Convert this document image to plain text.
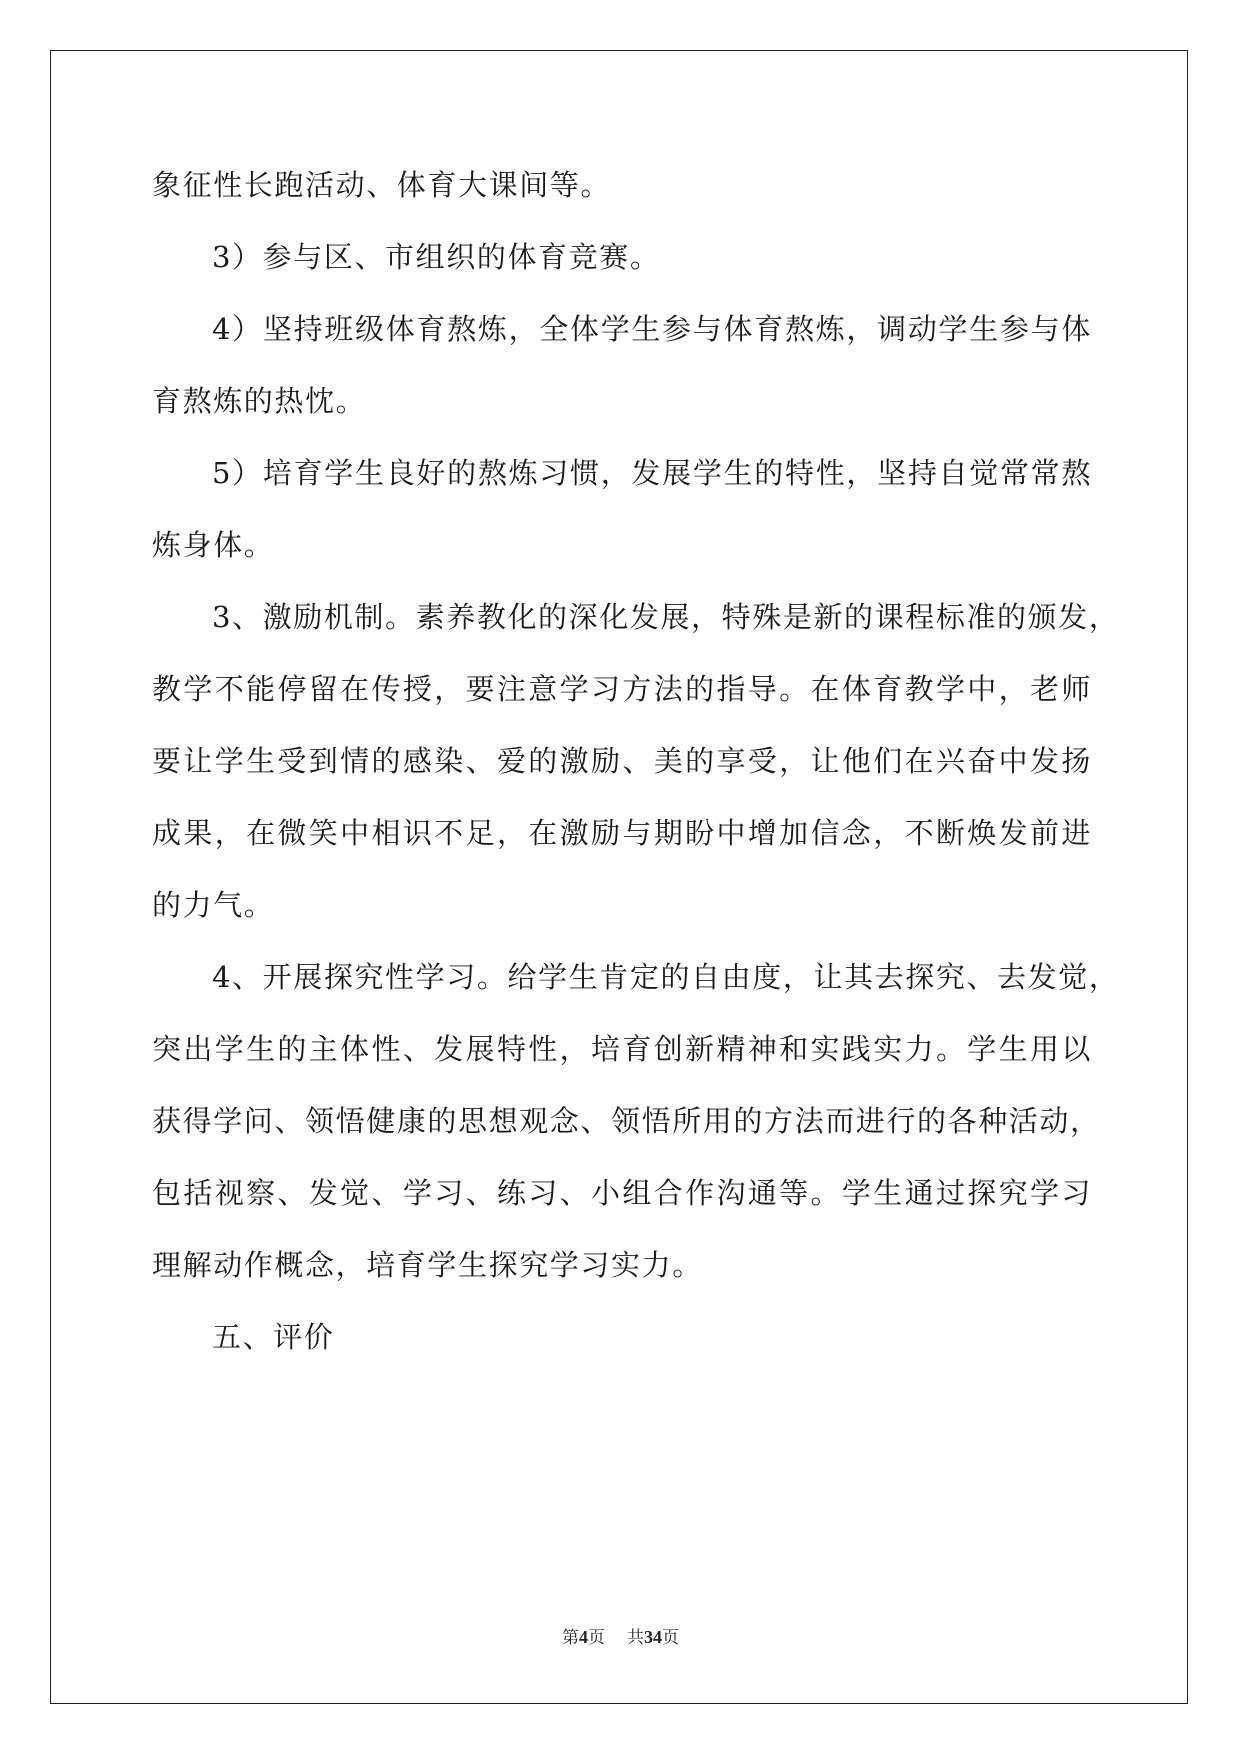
象征性长跑活动、体育大课间等。
3）参与区、市组织的体育竞赛。
4）坚持班级体育熬炼，全体学生参与体育熬炼，调动学生参与体
育熬炼的热忱。
5）培育学生良好的熬炼习惯，发展学生的特性，坚持自觉常常熬
炼身体。
3、激励机制。素养教化的深化发展，特殊是新的课程标准的颁发，
教学不能停留在传授，要注意学习方法的指导。在体育教学中，老师
要让学生受到情的感染、爱的激励、美的享受，让他们在兴奋中发扬
成果，在微笑中相识不足，在激励与期盼中增加信念，不断焕发前进
的力气。
4、开展探究性学习。给学生肯定的自由度，让其去探究、去发觉，
突出学生的主体性、发展特性，培育创新精神和实践实力。学生用以
获得学问、领悟健康的思想观念、领悟所用的方法而进行的各种活动，
包括视察、发觉、学习、练习、小组合作沟通等。学生通过探究学习
理解动作概念，培育学生探究学习实力。
五、评价
第4页 共34页
